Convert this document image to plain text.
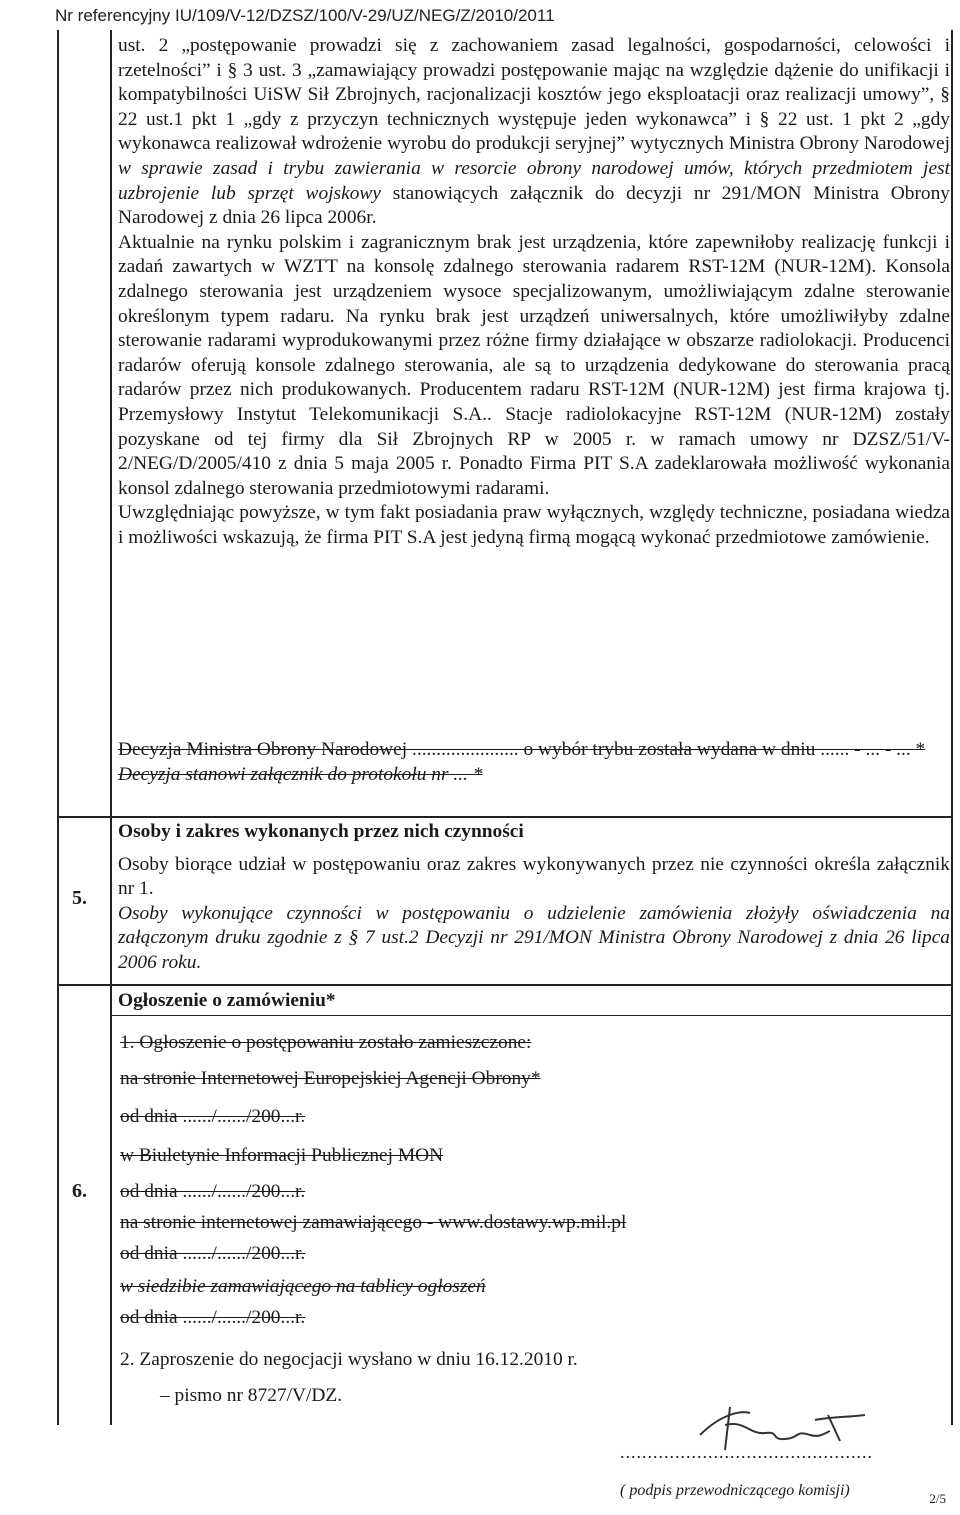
Nr referencyjny IU/109/V-12/DZSZ/100/V-29/UZ/NEG/Z/2010/2011

ust. 2 „postępowanie prowadzi się z zachowaniem zasad legalności, gospodarności, celowości i rzetelności” i § 3 ust. 3 „zamawiający prowadzi postępowanie mając na względzie dążenie do unifikacji i kompatybilności UiSW Sił Zbrojnych, racjonalizacji kosztów jego eksploatacji oraz realizacji umowy”, § 22 ust.1 pkt 1 „gdy z przyczyn technicznych występuje jeden wykonawca” i § 22 ust. 1 pkt 2 „gdy wykonawca realizował wdrożenie wyrobu do produkcji seryjnej” wytycznych Ministra Obrony Narodowej w sprawie zasad i trybu zawierania w resorcie obrony narodowej umów, których przedmiotem jest uzbrojenie lub sprzęt wojskowy stanowiących załącznik do decyzji nr 291/MON Ministra Obrony Narodowej z dnia 26 lipca 2006r.

Aktualnie na rynku polskim i zagranicznym brak jest urządzenia, które zapewniłoby realizację funkcji i zadań zawartych w WZTT na konsolę zdalnego sterowania radarem RST-12M (NUR-12M). Konsola zdalnego sterowania jest urządzeniem wysoce specjalizowanym, umożliwiającym zdalne sterowanie określonym typem radaru. Na rynku brak jest urządzeń uniwersalnych, które umożliwiłyby zdalne sterowanie radarami wyprodukowanymi przez różne firmy działające w obszarze radiolokacji. Producenci radarów oferują konsole zdalnego sterowania, ale są to urządzenia dedykowane do sterowania pracą radarów przez nich produkowanych. Producentem radaru RST-12M (NUR-12M) jest firma krajowa tj. Przemysłowy Instytut Telekomunikacji S.A.. Stacje radiolokacyjne RST-12M (NUR-12M) zostały pozyskane od tej firmy dla Sił Zbrojnych RP w 2005 r. w ramach umowy nr DZSZ/51/V-2/NEG/D/2005/410 z dnia 5 maja 2005 r. Ponadto Firma PIT S.A zadeklarowała możliwość wykonania konsol zdalnego sterowania przedmiotowymi radarami.

Uwzględniając powyższe, w tym fakt posiadania praw wyłącznych, względy techniczne, posiadana wiedza i możliwości wskazują, że firma PIT S.A jest jedyną firmą mogącą wykonać przedmiotowe zamówienie.

Decyzja Ministra Obrony Narodowej ...................... o wybór trybu została wydana w dniu ...... - ... - ... *

Decyzja stanowi załącznik do protokołu nr ... *

5.

Osoby i zakres wykonanych przez nich czynności

Osoby biorące udział w postępowaniu oraz zakres wykonywanych przez nie czynności określa załącznik nr 1.

Osoby wykonujące czynności w postępowaniu o udzielenie zamówienia złożyły oświadczenia na załączonym druku zgodnie z § 7 ust.2 Decyzji nr 291/MON Ministra Obrony Narodowej z dnia 26 lipca 2006 roku.

6.
Ogłoszenie o zamówieniu*
1. Ogłoszenie o postępowaniu zostało zamieszczone:
na stronie Internetowej Europejskiej Agencji Obrony*
od dnia ....../....../200...r.
w Biuletynie Informacji Publicznej MON
od dnia ....../....../200...r.
na stronie internetowej zamawiającego - www.dostawy.wp.mil.pl
od dnia ....../....../200...r.
w siedzibie zamawiającego na tablicy ogłoszeń
od dnia ....../....../200...r.
2. Zaproszenie do negocjacji wysłano w dniu 16.12.2010 r.
– pismo nr 8727/V/DZ.
..............................................
( podpis przewodniczącego komisji)	2/5
